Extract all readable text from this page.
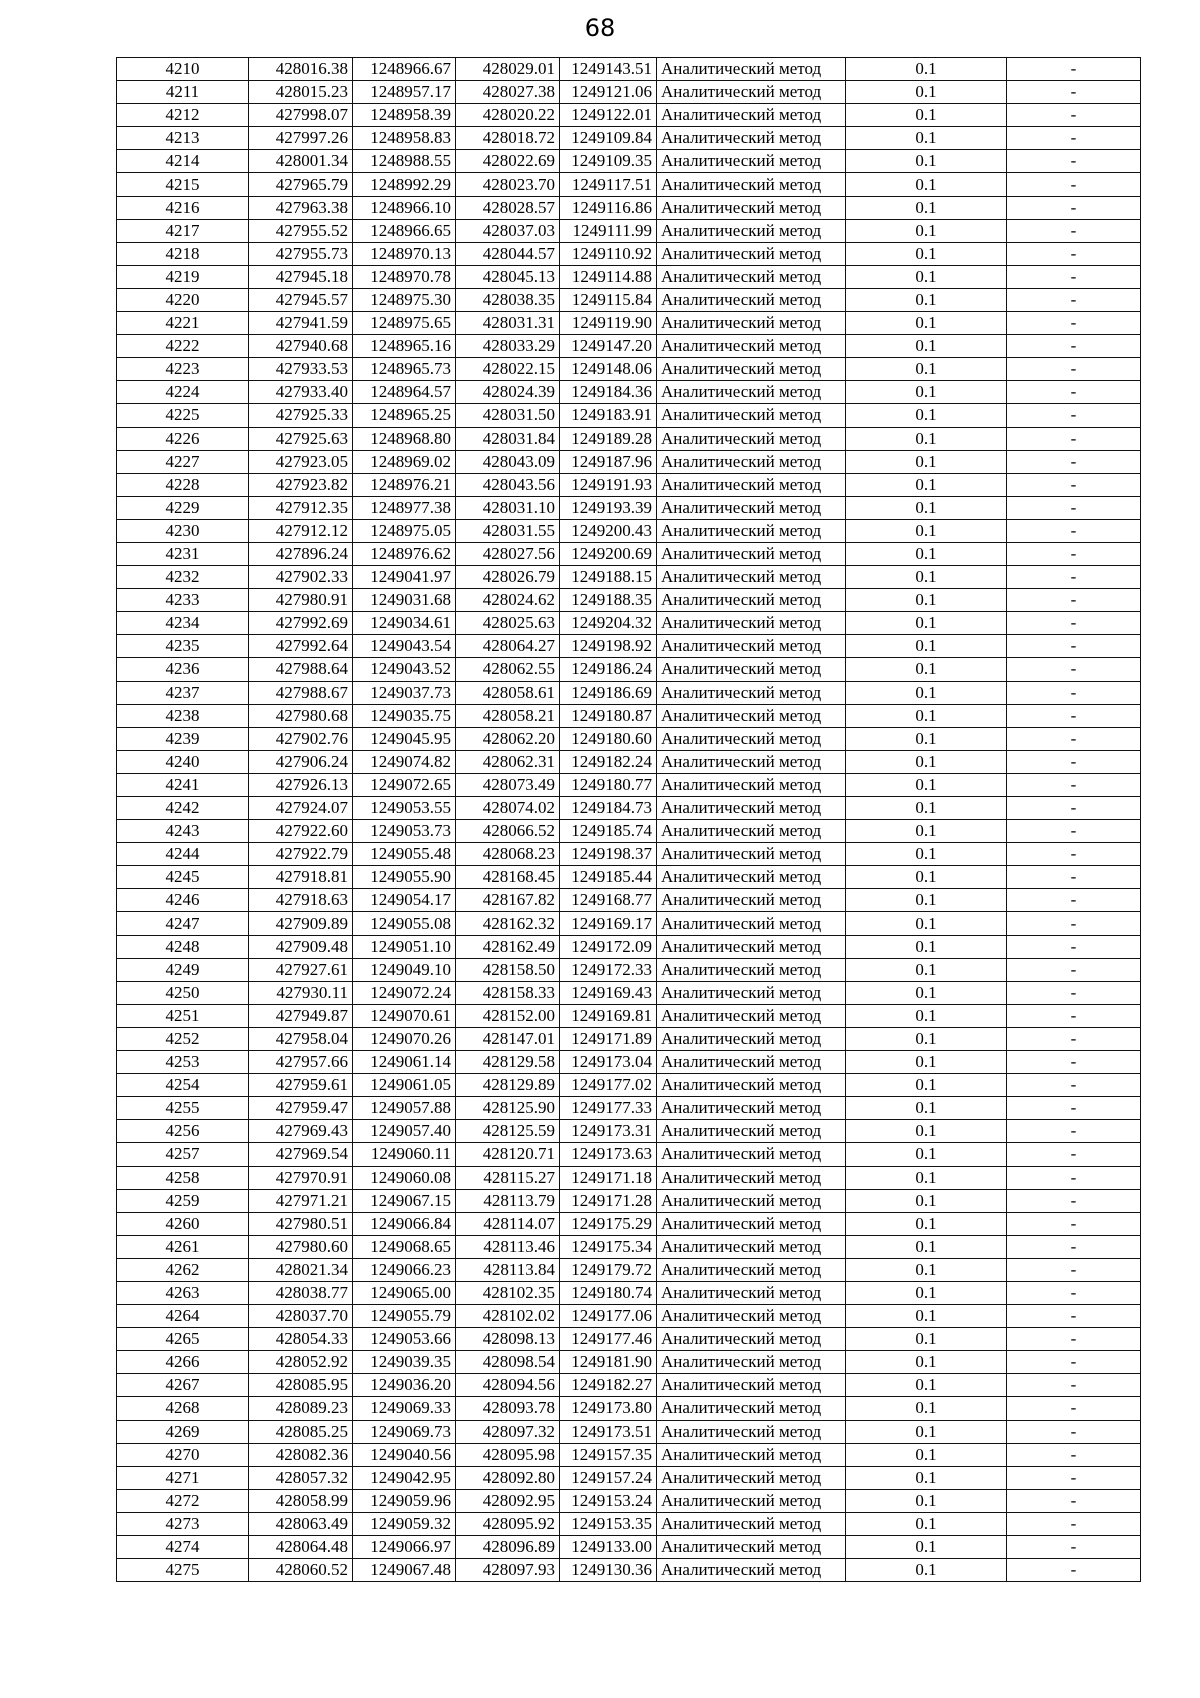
68
4210	428016.38	1248966.67	428029.01	1249143.51	Аналитический метод	0.1	-
4211	428015.23	1248957.17	428027.38	1249121.06	Аналитический метод	0.1	-
4212	427998.07	1248958.39	428020.22	1249122.01	Аналитический метод	0.1	-
4213	427997.26	1248958.83	428018.72	1249109.84	Аналитический метод	0.1	-
4214	428001.34	1248988.55	428022.69	1249109.35	Аналитический метод	0.1	-
4215	427965.79	1248992.29	428023.70	1249117.51	Аналитический метод	0.1	-
4216	427963.38	1248966.10	428028.57	1249116.86	Аналитический метод	0.1	-
4217	427955.52	1248966.65	428037.03	1249111.99	Аналитический метод	0.1	-
4218	427955.73	1248970.13	428044.57	1249110.92	Аналитический метод	0.1	-
4219	427945.18	1248970.78	428045.13	1249114.88	Аналитический метод	0.1	-
4220	427945.57	1248975.30	428038.35	1249115.84	Аналитический метод	0.1	-
4221	427941.59	1248975.65	428031.31	1249119.90	Аналитический метод	0.1	-
4222	427940.68	1248965.16	428033.29	1249147.20	Аналитический метод	0.1	-
4223	427933.53	1248965.73	428022.15	1249148.06	Аналитический метод	0.1	-
4224	427933.40	1248964.57	428024.39	1249184.36	Аналитический метод	0.1	-
4225	427925.33	1248965.25	428031.50	1249183.91	Аналитический метод	0.1	-
4226	427925.63	1248968.80	428031.84	1249189.28	Аналитический метод	0.1	-
4227	427923.05	1248969.02	428043.09	1249187.96	Аналитический метод	0.1	-
4228	427923.82	1248976.21	428043.56	1249191.93	Аналитический метод	0.1	-
4229	427912.35	1248977.38	428031.10	1249193.39	Аналитический метод	0.1	-
4230	427912.12	1248975.05	428031.55	1249200.43	Аналитический метод	0.1	-
4231	427896.24	1248976.62	428027.56	1249200.69	Аналитический метод	0.1	-
4232	427902.33	1249041.97	428026.79	1249188.15	Аналитический метод	0.1	-
4233	427980.91	1249031.68	428024.62	1249188.35	Аналитический метод	0.1	-
4234	427992.69	1249034.61	428025.63	1249204.32	Аналитический метод	0.1	-
4235	427992.64	1249043.54	428064.27	1249198.92	Аналитический метод	0.1	-
4236	427988.64	1249043.52	428062.55	1249186.24	Аналитический метод	0.1	-
4237	427988.67	1249037.73	428058.61	1249186.69	Аналитический метод	0.1	-
4238	427980.68	1249035.75	428058.21	1249180.87	Аналитический метод	0.1	-
4239	427902.76	1249045.95	428062.20	1249180.60	Аналитический метод	0.1	-
4240	427906.24	1249074.82	428062.31	1249182.24	Аналитический метод	0.1	-
4241	427926.13	1249072.65	428073.49	1249180.77	Аналитический метод	0.1	-
4242	427924.07	1249053.55	428074.02	1249184.73	Аналитический метод	0.1	-
4243	427922.60	1249053.73	428066.52	1249185.74	Аналитический метод	0.1	-
4244	427922.79	1249055.48	428068.23	1249198.37	Аналитический метод	0.1	-
4245	427918.81	1249055.90	428168.45	1249185.44	Аналитический метод	0.1	-
4246	427918.63	1249054.17	428167.82	1249168.77	Аналитический метод	0.1	-
4247	427909.89	1249055.08	428162.32	1249169.17	Аналитический метод	0.1	-
4248	427909.48	1249051.10	428162.49	1249172.09	Аналитический метод	0.1	-
4249	427927.61	1249049.10	428158.50	1249172.33	Аналитический метод	0.1	-
4250	427930.11	1249072.24	428158.33	1249169.43	Аналитический метод	0.1	-
4251	427949.87	1249070.61	428152.00	1249169.81	Аналитический метод	0.1	-
4252	427958.04	1249070.26	428147.01	1249171.89	Аналитический метод	0.1	-
4253	427957.66	1249061.14	428129.58	1249173.04	Аналитический метод	0.1	-
4254	427959.61	1249061.05	428129.89	1249177.02	Аналитический метод	0.1	-
4255	427959.47	1249057.88	428125.90	1249177.33	Аналитический метод	0.1	-
4256	427969.43	1249057.40	428125.59	1249173.31	Аналитический метод	0.1	-
4257	427969.54	1249060.11	428120.71	1249173.63	Аналитический метод	0.1	-
4258	427970.91	1249060.08	428115.27	1249171.18	Аналитический метод	0.1	-
4259	427971.21	1249067.15	428113.79	1249171.28	Аналитический метод	0.1	-
4260	427980.51	1249066.84	428114.07	1249175.29	Аналитический метод	0.1	-
4261	427980.60	1249068.65	428113.46	1249175.34	Аналитический метод	0.1	-
4262	428021.34	1249066.23	428113.84	1249179.72	Аналитический метод	0.1	-
4263	428038.77	1249065.00	428102.35	1249180.74	Аналитический метод	0.1	-
4264	428037.70	1249055.79	428102.02	1249177.06	Аналитический метод	0.1	-
4265	428054.33	1249053.66	428098.13	1249177.46	Аналитический метод	0.1	-
4266	428052.92	1249039.35	428098.54	1249181.90	Аналитический метод	0.1	-
4267	428085.95	1249036.20	428094.56	1249182.27	Аналитический метод	0.1	-
4268	428089.23	1249069.33	428093.78	1249173.80	Аналитический метод	0.1	-
4269	428085.25	1249069.73	428097.32	1249173.51	Аналитический метод	0.1	-
4270	428082.36	1249040.56	428095.98	1249157.35	Аналитический метод	0.1	-
4271	428057.32	1249042.95	428092.80	1249157.24	Аналитический метод	0.1	-
4272	428058.99	1249059.96	428092.95	1249153.24	Аналитический метод	0.1	-
4273	428063.49	1249059.32	428095.92	1249153.35	Аналитический метод	0.1	-
4274	428064.48	1249066.97	428096.89	1249133.00	Аналитический метод	0.1	-
4275	428060.52	1249067.48	428097.93	1249130.36	Аналитический метод	0.1	-
